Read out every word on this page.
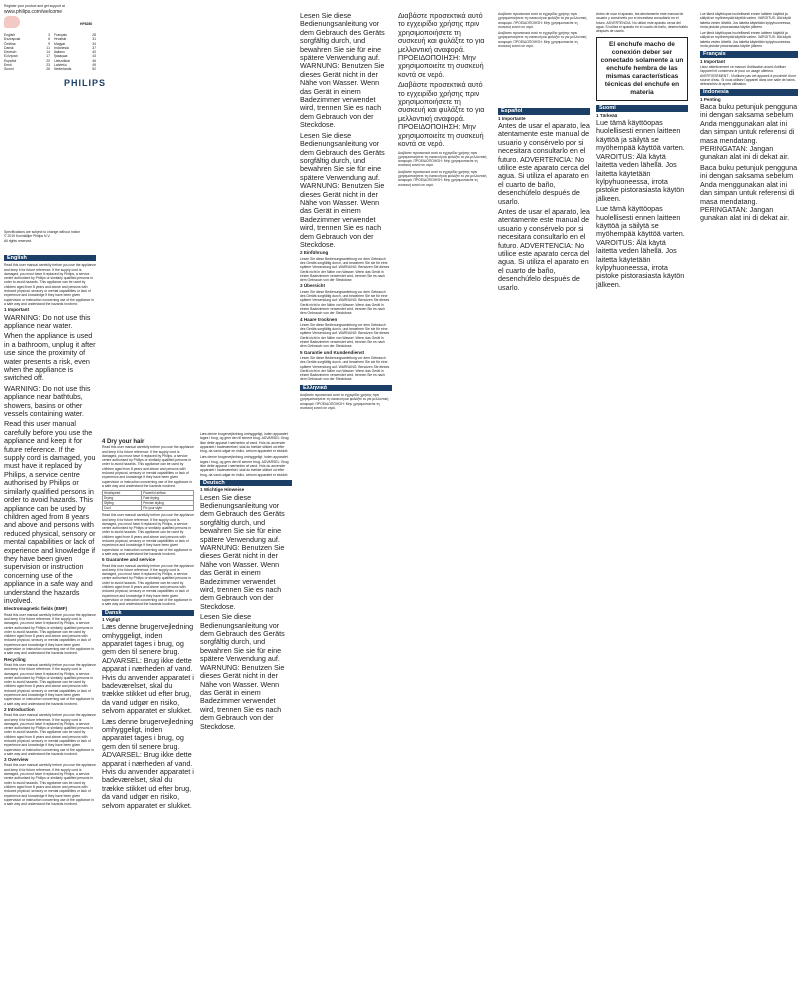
Register your product and get support at
www.philips.com/welcome
HP8280
English	3
Български	6
Čeština	9
Dansk	11
Deutsch	14
Ελληνικά	17
Español	20
Eesti	23
Suomi	26
Français	28
Hrvatski	31
Magyar	34
Indonesia	37
Italiano	40
Қазақша	43
Lietuviškai	46
Latviešu	49
Nederlands	52
PHILIPS
Specifications are subject to change without notice
© 2019 Koninklijke Philips N.V.
All rights reserved.
English

Read this user manual carefully before you use the appliance and keep it for future reference. If the supply cord is damaged, you must have it replaced by Philips, a service centre authorised by Philips or similarly qualified persons in order to avoid hazards. This appliance can be used by children aged from 8 years and above and persons with reduced physical, sensory or mental capabilities or lack of experience and knowledge if they have been given supervision or instruction concerning use of the appliance in a safe way and understand the hazards involved.

1 Important

WARNING: Do not use this appliance near water.

When the appliance is used in a bathroom, unplug it after use since the proximity of water presents a risk, even when the appliance is switched off.

WARNING: Do not use this appliance near bathtubs, showers, basins or other vessels containing water.

Read this user manual carefully before you use the appliance and keep it for future reference. If the supply cord is damaged, you must have it replaced by Philips, a service centre authorised by Philips or similarly qualified persons in order to avoid hazards. This appliance can be used by children aged from 8 years and above and persons with reduced physical, sensory or mental capabilities or lack of experience and knowledge if they have been given supervision or instruction concerning use of the appliance in a safe way and understand the hazards involved.

Electromagnetic fields (EMF)

Read this user manual carefully before you use the appliance and keep it for future reference. If the supply cord is damaged, you must have it replaced by Philips, a service centre authorised by Philips or similarly qualified persons in order to avoid hazards. This appliance can be used by children aged from 8 years and above and persons with reduced physical, sensory or mental capabilities or lack of experience and knowledge if they have been given supervision or instruction concerning use of the appliance in a safe way and understand the hazards involved.

Recycling

Read this user manual carefully before you use the appliance and keep it for future reference. If the supply cord is damaged, you must have it replaced by Philips, a service centre authorised by Philips or similarly qualified persons in order to avoid hazards. This appliance can be used by children aged from 8 years and above and persons with reduced physical, sensory or mental capabilities or lack of experience and knowledge if they have been given supervision or instruction concerning use of the appliance in a safe way and understand the hazards involved.

2 Introduction

Read this user manual carefully before you use the appliance and keep it for future reference. If the supply cord is damaged, you must have it replaced by Philips, a service centre authorised by Philips or similarly qualified persons in order to avoid hazards. This appliance can be used by children aged from 8 years and above and persons with reduced physical, sensory or mental capabilities or lack of experience and knowledge if they have been given supervision or instruction concerning use of the appliance in a safe way and understand the hazards involved.

3 Overview

Read this user manual carefully before you use the appliance and keep it for future reference. If the supply cord is damaged, you must have it replaced by Philips, a service centre authorised by Philips or similarly qualified persons in order to avoid hazards. This appliance can be used by children aged from 8 years and above and persons with reduced physical, sensory or mental capabilities or lack of experience and knowledge if they have been given supervision or instruction concerning use of the appliance in a safe way and understand the hazards involved.

4 Dry your hair

Read this user manual carefully before you use the appliance and keep it for future reference. If the supply cord is damaged, you must have it replaced by Philips, a service centre authorised by Philips or similarly qualified persons in order to avoid hazards. This appliance can be used by children aged from 8 years and above and persons with reduced physical, sensory or mental capabilities or lack of experience and knowledge if they have been given supervision or instruction concerning use of the appliance in a safe way and understand the hazards involved.

Heat/speed	Powerful airflow
Drying	Fast drying
Styling	Precise styling
Cool	Fix your style

Read this user manual carefully before you use the appliance and keep it for future reference. If the supply cord is damaged, you must have it replaced by Philips, a service centre authorised by Philips or similarly qualified persons in order to avoid hazards. This appliance can be used by children aged from 8 years and above and persons with reduced physical, sensory or mental capabilities or lack of experience and knowledge if they have been given supervision or instruction concerning use of the appliance in a safe way and understand the hazards involved.

5 Guarantee and service

Read this user manual carefully before you use the appliance and keep it for future reference. If the supply cord is damaged, you must have it replaced by Philips, a service centre authorised by Philips or similarly qualified persons in order to avoid hazards. This appliance can be used by children aged from 8 years and above and persons with reduced physical, sensory or mental capabilities or lack of experience and knowledge if they have been given supervision or instruction concerning use of the appliance in a safe way and understand the hazards involved.

Dansk
1 Vigtigt

Læs denne brugervejledning omhyggeligt, inden apparatet tages i brug, og gem den til senere brug. ADVARSEL: Brug ikke dette apparat i nærheden af vand. Hvis du anvender apparatet i badeværelset, skal du trække stikket ud efter brug, da vand udgør en risiko, selvom apparatet er slukket.

Læs denne brugervejledning omhyggeligt, inden apparatet tages i brug, og gem den til senere brug. ADVARSEL: Brug ikke dette apparat i nærheden af vand. Hvis du anvender apparatet i badeværelset, skal du trække stikket ud efter brug, da vand udgør en risiko, selvom apparatet er slukket.

Læs denne brugervejledning omhyggeligt, inden apparatet tages i brug, og gem den til senere brug. ADVARSEL: Brug ikke dette apparat i nærheden af vand. Hvis du anvender apparatet i badeværelset, skal du trække stikket ud efter brug, da vand udgør en risiko, selvom apparatet er slukket.

Læs denne brugervejledning omhyggeligt, inden apparatet tages i brug, og gem den til senere brug. ADVARSEL: Brug ikke dette apparat i nærheden af vand. Hvis du anvender apparatet i badeværelset, skal du trække stikket ud efter brug, da vand udgør en risiko, selvom apparatet er slukket.

Deutsch
1 Wichtige Hinweise

Lesen Sie diese Bedienungsanleitung vor dem Gebrauch des Geräts sorgfältig durch, und bewahren Sie sie für eine spätere Verwendung auf. WARNUNG: Benutzen Sie dieses Gerät nicht in der Nähe von Wasser. Wenn das Gerät in einem Badezimmer verwendet wird, trennen Sie es nach dem Gebrauch von der Steckdose.

Lesen Sie diese Bedienungsanleitung vor dem Gebrauch des Geräts sorgfältig durch, und bewahren Sie sie für eine spätere Verwendung auf. WARNUNG: Benutzen Sie dieses Gerät nicht in der Nähe von Wasser. Wenn das Gerät in einem Badezimmer verwendet wird, trennen Sie es nach dem Gebrauch von der Steckdose.

Lesen Sie diese Bedienungsanleitung vor dem Gebrauch des Geräts sorgfältig durch, und bewahren Sie sie für eine spätere Verwendung auf. WARNUNG: Benutzen Sie dieses Gerät nicht in der Nähe von Wasser. Wenn das Gerät in einem Badezimmer verwendet wird, trennen Sie es nach dem Gebrauch von der Steckdose.

Lesen Sie diese Bedienungsanleitung vor dem Gebrauch des Geräts sorgfältig durch, und bewahren Sie sie für eine spätere Verwendung auf. WARNUNG: Benutzen Sie dieses Gerät nicht in der Nähe von Wasser. Wenn das Gerät in einem Badezimmer verwendet wird, trennen Sie es nach dem Gebrauch von der Steckdose.

2 Einführung

Lesen Sie diese Bedienungsanleitung vor dem Gebrauch des Geräts sorgfältig durch, und bewahren Sie sie für eine spätere Verwendung auf. WARNUNG: Benutzen Sie dieses Gerät nicht in der Nähe von Wasser. Wenn das Gerät in einem Badezimmer verwendet wird, trennen Sie es nach dem Gebrauch von der Steckdose.

3 Übersicht

Lesen Sie diese Bedienungsanleitung vor dem Gebrauch des Geräts sorgfältig durch, und bewahren Sie sie für eine spätere Verwendung auf. WARNUNG: Benutzen Sie dieses Gerät nicht in der Nähe von Wasser. Wenn das Gerät in einem Badezimmer verwendet wird, trennen Sie es nach dem Gebrauch von der Steckdose.

4 Haare trocknen

Lesen Sie diese Bedienungsanleitung vor dem Gebrauch des Geräts sorgfältig durch, und bewahren Sie sie für eine spätere Verwendung auf. WARNUNG: Benutzen Sie dieses Gerät nicht in der Nähe von Wasser. Wenn das Gerät in einem Badezimmer verwendet wird, trennen Sie es nach dem Gebrauch von der Steckdose.

5 Garantie und Kundendienst

Lesen Sie diese Bedienungsanleitung vor dem Gebrauch des Geräts sorgfältig durch, und bewahren Sie sie für eine spätere Verwendung auf. WARNUNG: Benutzen Sie dieses Gerät nicht in der Nähe von Wasser. Wenn das Gerät in einem Badezimmer verwendet wird, trennen Sie es nach dem Gebrauch von der Steckdose.

Ελληνικά

Διαβάστε προσεκτικά αυτό το εγχειρίδιο χρήσης πριν χρησιμοποιήσετε τη συσκευή και φυλάξτε το για μελλοντική αναφορά. ΠΡΟΕΙΔΟΠΟΙΗΣΗ: Μην χρησιμοποιείτε τη συσκευή κοντά σε νερό.

Διαβάστε προσεκτικά αυτό το εγχειρίδιο χρήσης πριν χρησιμοποιήσετε τη συσκευή και φυλάξτε το για μελλοντική αναφορά. ΠΡΟΕΙΔΟΠΟΙΗΣΗ: Μην χρησιμοποιείτε τη συσκευή κοντά σε νερό.

Διαβάστε προσεκτικά αυτό το εγχειρίδιο χρήσης πριν χρησιμοποιήσετε τη συσκευή και φυλάξτε το για μελλοντική αναφορά. ΠΡΟΕΙΔΟΠΟΙΗΣΗ: Μην χρησιμοποιείτε τη συσκευή κοντά σε νερό.

Διαβάστε προσεκτικά αυτό το εγχειρίδιο χρήσης πριν χρησιμοποιήσετε τη συσκευή και φυλάξτε το για μελλοντική αναφορά. ΠΡΟΕΙΔΟΠΟΙΗΣΗ: Μην χρησιμοποιείτε τη συσκευή κοντά σε νερό.

Διαβάστε προσεκτικά αυτό το εγχειρίδιο χρήσης πριν χρησιμοποιήσετε τη συσκευή και φυλάξτε το για μελλοντική αναφορά. ΠΡΟΕΙΔΟΠΟΙΗΣΗ: Μην χρησιμοποιείτε τη συσκευή κοντά σε νερό.

Διαβάστε προσεκτικά αυτό το εγχειρίδιο χρήσης πριν χρησιμοποιήσετε τη συσκευή και φυλάξτε το για μελλοντική αναφορά. ΠΡΟΕΙΔΟΠΟΙΗΣΗ: Μην χρησιμοποιείτε τη συσκευή κοντά σε νερό.

Διαβάστε προσεκτικά αυτό το εγχειρίδιο χρήσης πριν χρησιμοποιήσετε τη συσκευή και φυλάξτε το για μελλοντική αναφορά. ΠΡΟΕΙΔΟΠΟΙΗΣΗ: Μην χρησιμοποιείτε τη συσκευή κοντά σε νερό.

Español
1 Importante

Antes de usar el aparato, lea atentamente este manual de usuario y consérvelo por si necesitara consultarlo en el futuro. ADVERTENCIA: No utilice este aparato cerca del agua. Si utiliza el aparato en el cuarto de baño, desenchúfelo después de usarlo.

Antes de usar el aparato, lea atentamente este manual de usuario y consérvelo por si necesitara consultarlo en el futuro. ADVERTENCIA: No utilice este aparato cerca del agua. Si utiliza el aparato en el cuarto de baño, desenchúfelo después de usarlo.

Antes de usar el aparato, lea atentamente este manual de usuario y consérvelo por si necesitara consultarlo en el futuro. ADVERTENCIA: No utilice este aparato cerca del agua. Si utiliza el aparato en el cuarto de baño, desenchúfelo después de usarlo.

El enchufe macho de conexión deber ser conectado solamente a un enchufe hembra de las mismas características técnicas del enchufe en materia
Suomi
1 Tärkeää

Lue tämä käyttöopas huolellisesti ennen laitteen käyttöä ja säilytä se myöhempää käyttöä varten. VAROITUS: Älä käytä laitetta veden lähellä. Jos laitetta käytetään kylpyhuoneessa, irrota pistoke pistorasiasta käytön jälkeen.

Lue tämä käyttöopas huolellisesti ennen laitteen käyttöä ja säilytä se myöhempää käyttöä varten. VAROITUS: Älä käytä laitetta veden lähellä. Jos laitetta käytetään kylpyhuoneessa, irrota pistoke pistorasiasta käytön jälkeen.

Lue tämä käyttöopas huolellisesti ennen laitteen käyttöä ja säilytä se myöhempää käyttöä varten. VAROITUS: Älä käytä laitetta veden lähellä. Jos laitetta käytetään kylpyhuoneessa, irrota pistoke pistorasiasta käytön jälkeen.

Lue tämä käyttöopas huolellisesti ennen laitteen käyttöä ja säilytä se myöhempää käyttöä varten. VAROITUS: Älä käytä laitetta veden lähellä. Jos laitetta käytetään kylpyhuoneessa, irrota pistoke pistorasiasta käytön jälkeen.

Français
1 Important

Lisez attentivement ce manuel d'utilisation avant d'utiliser l'appareil et conservez-le pour un usage ultérieur. AVERTISSEMENT : N'utilisez pas cet appareil à proximité d'une source d'eau. Si vous utilisez l'appareil dans une salle de bains, débranchez-le après utilisation.

Indonesia
1 Penting

Baca buku petunjuk pengguna ini dengan saksama sebelum Anda menggunakan alat ini dan simpan untuk referensi di masa mendatang. PERINGATAN: Jangan gunakan alat ini di dekat air.

Baca buku petunjuk pengguna ini dengan saksama sebelum Anda menggunakan alat ini dan simpan untuk referensi di masa mendatang. PERINGATAN: Jangan gunakan alat ini di dekat air.
